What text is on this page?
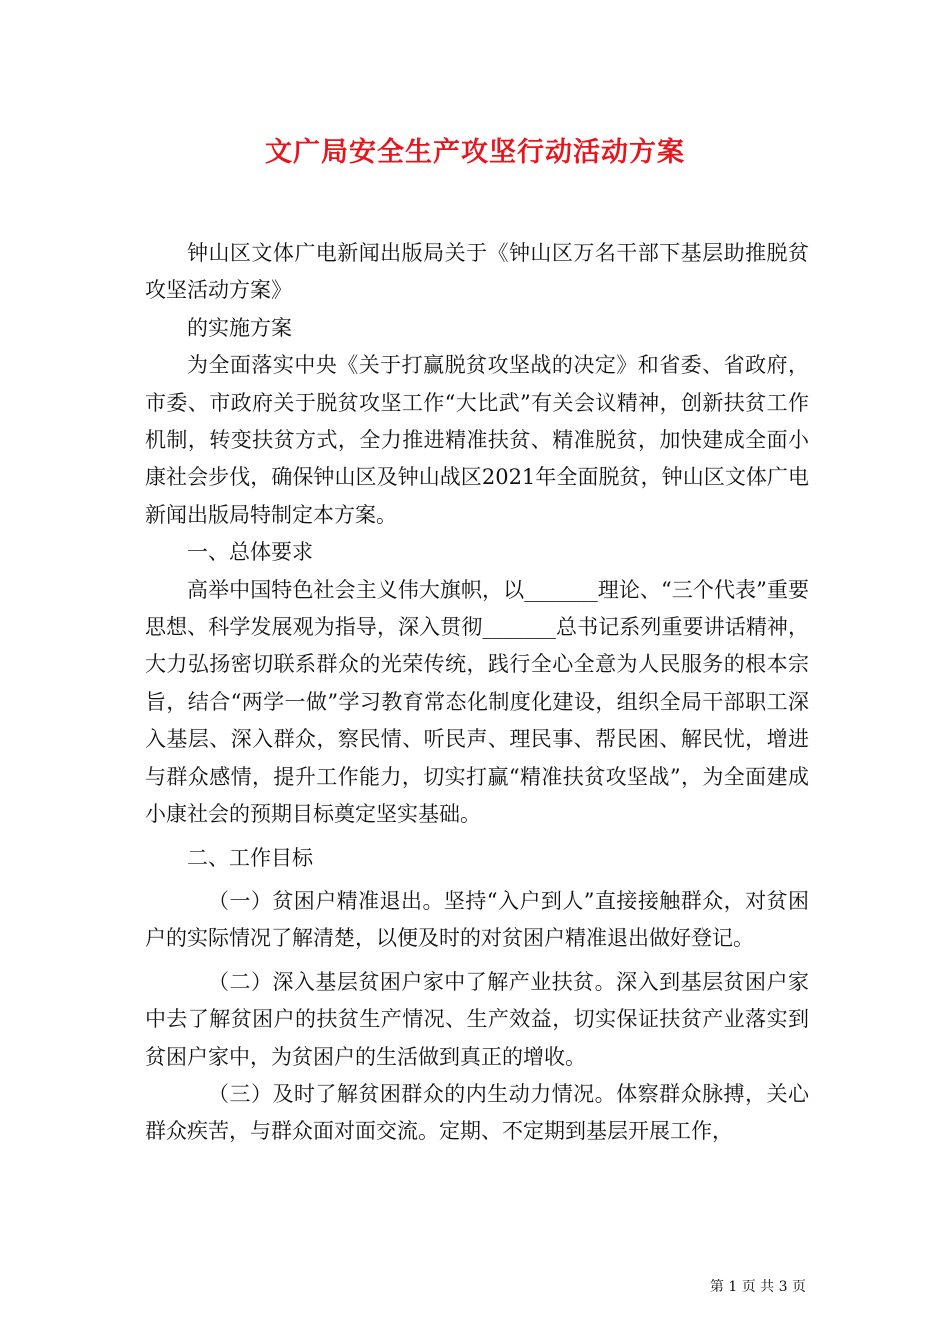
文广局安全生产攻坚行动活动方案

钟山区文体广电新闻出版局关于《钟山区万名干部下基层助推脱贫攻坚活动方案》

的实施方案

为全面落实中央《关于打赢脱贫攻坚战的决定》和省委、省政府，市委、市政府关于脱贫攻坚工作“大比武”有关会议精神，创新扶贫工作机制，转变扶贫方式，全力推进精准扶贫、精准脱贫，加快建成全面小康社会步伐，确保钟山区及钟山战区2021年全面脱贫，钟山区文体广电新闻出版局特制定本方案。

一、总体要求

高举中国特色社会主义伟大旗帜，以_______理论、“三个代表”重要思想、科学发展观为指导，深入贯彻_______总书记系列重要讲话精神，大力弘扬密切联系群众的光荣传统，践行全心全意为人民服务的根本宗旨，结合“两学一做”学习教育常态化制度化建设，组织全局干部职工深入基层、深入群众，察民情、听民声、理民事、帮民困、解民忧，增进与群众感情，提升工作能力，切实打赢“精准扶贫攻坚战”，为全面建成小康社会的预期目标奠定坚实基础。

二、工作目标

（一）贫困户精准退出。坚持“入户到人”直接接触群众，对贫困户的实际情况了解清楚，以便及时的对贫困户精准退出做好登记。

（二）深入基层贫困户家中了解产业扶贫。深入到基层贫困户家中去了解贫困户的扶贫生产情况、生产效益，切实保证扶贫产业落实到贫困户家中，为贫困户的生活做到真正的增收。

（三）及时了解贫困群众的内生动力情况。体察群众脉搏，关心群众疾苦，与群众面对面交流。定期、不定期到基层开展工作，

第 1 页 共 3 页
